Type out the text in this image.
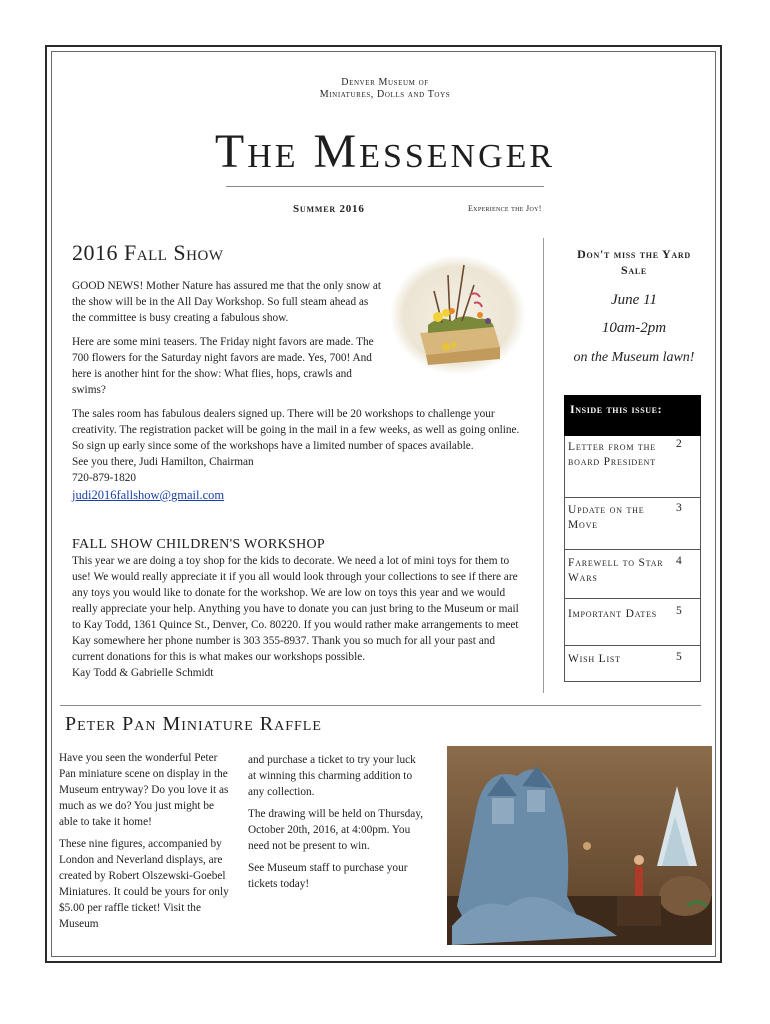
Denver Museum of
Miniatures, Dolls and Toys
The Messenger
Summer 2016	Experience the Joy!
2016 Fall Show

GOOD NEWS! Mother Nature has assured me that the only snow at the show will be in the All Day Workshop. So full steam ahead as the committee is busy creating a fabulous show.

Here are some mini teasers. The Friday night favors are made. The 700 flowers for the Saturday night favors are made. Yes, 700! And here is another hint for the show: What flies, hops, crawls and swims?

The sales room has fabulous dealers signed up. There will be 20 workshops to challenge your creativity. The registration packet will be going in the mail in a few weeks, as well as going online. So sign up early since some of the workshops have a limited number of spaces available.

See you there, Judi Hamilton, Chairman

720-879-1820

judi2016fallshow@gmail.com

FALL SHOW CHILDREN'S WORKSHOP

This year we are doing a toy shop for the kids to decorate. We need a lot of mini toys for them to use! We would really appreciate it if you all would look through your collections to see if there are any toys you would like to donate for the workshop. We are low on toys this year and we would really appreciate your help. Anything you have to donate you can just bring to the Museum or mail to Kay Todd, 1361 Quince St., Denver, Co. 80220. If you would rather make arrangements to meet Kay somewhere her phone number is 303 355-8937. Thank you so much for all your past and current donations for this is what makes our workshops possible.

Kay Todd & Gabrielle Schmidt

Don't miss the Yard Sale
June 11
10am-2pm
on the Museum lawn!
Inside this issue:
Letter from the board President
2
Update on the Move
3
Farewell to Star Wars
4
Important Dates	5
Wish List	5
Peter Pan Miniature Raffle

Have you seen the wonderful Peter Pan miniature scene on display in the Museum entryway? Do you love it as much as we do? You just might be able to take it home!

These nine figures, accompanied by London and Neverland displays, are created by Robert Olszewski-Goebel Miniatures. It could be yours for only $5.00 per raffle ticket! Visit the Museum

and purchase a ticket to try your luck at winning this charming addition to any collection.

The drawing will be held on Thursday, October 20th, 2016, at 4:00pm. You need not be present to win.

See Museum staff to purchase your tickets today!
